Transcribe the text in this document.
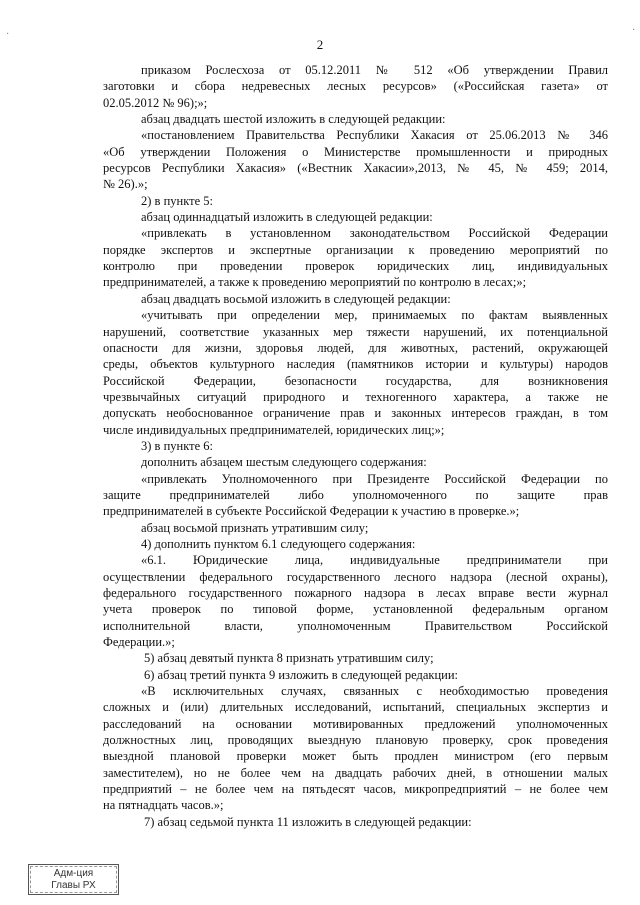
·	·
2
приказом Рослесхоза от 05.12.2011 № 512 «Об утверждении Правил
заготовки и сбора недревесных лесных ресурсов» («Российская газета» от
02.05.2012 № 96);»;
абзац двадцать шестой изложить в следующей редакции:
«постановлением Правительства Республики Хакасия от 25.06.2013 № 346
«Об утверждении Положения о Министерстве промышленности и природных
ресурсов Республики Хакасия» («Вестник Хакасии»,2013, № 45, № 459; 2014,
№ 26).»;
2) в пункте 5:
абзац одиннадцатый изложить в следующей редакции:
«привлекать в установленном законодательством Российской Федерации
порядке экспертов и экспертные организации к проведению мероприятий по
контролю при проведении проверок юридических лиц, индивидуальных
предпринимателей, а также к проведению мероприятий по контролю в лесах;»;
абзац двадцать восьмой изложить в следующей редакции:
«учитывать при определении мер, принимаемых по фактам выявленных
нарушений, соответствие указанных мер тяжести нарушений, их потенциальной
опасности для жизни, здоровья людей, для животных, растений, окружающей
среды, объектов культурного наследия (памятников истории и культуры) народов
Российской Федерации, безопасности государства, для возникновения
чрезвычайных ситуаций природного и техногенного характера, а также не
допускать необоснованное ограничение прав и законных интересов граждан, в том
числе индивидуальных предпринимателей, юридических лиц;»;
3) в пункте 6:
дополнить абзацем шестым следующего содержания:
«привлекать Уполномоченного при Президенте Российской Федерации по
защите предпринимателей либо уполномоченного по защите прав
предпринимателей в субъекте Российской Федерации к участию в проверке.»;
абзац восьмой признать утратившим силу;
4) дополнить пунктом 6.1 следующего содержания:
«6.1. Юридические лица, индивидуальные предприниматели при
осуществлении федерального государственного лесного надзора (лесной охраны),
федерального государственного пожарного надзора в лесах вправе вести журнал
учета проверок по типовой форме, установленной федеральным органом
исполнительной власти, уполномоченным Правительством Российской
Федерации.»;
5) абзац девятый пункта 8 признать утратившим силу;
6) абзац третий пункта 9 изложить в следующей редакции:
«В исключительных случаях, связанных с необходимостью проведения
сложных и (или) длительных исследований, испытаний, специальных экспертиз и
расследований на основании мотивированных предложений уполномоченных
должностных лиц, проводящих выездную плановую проверку, срок проведения
выездной плановой проверки может быть продлен министром (его первым
заместителем), но не более чем на двадцать рабочих дней, в отношении малых
предприятий – не более чем на пятьдесят часов, микропредприятий – не более чем
на пятнадцать часов.»;
7) абзац седьмой пункта 11 изложить в следующей редакции:
Адм-ция
Главы РХ
